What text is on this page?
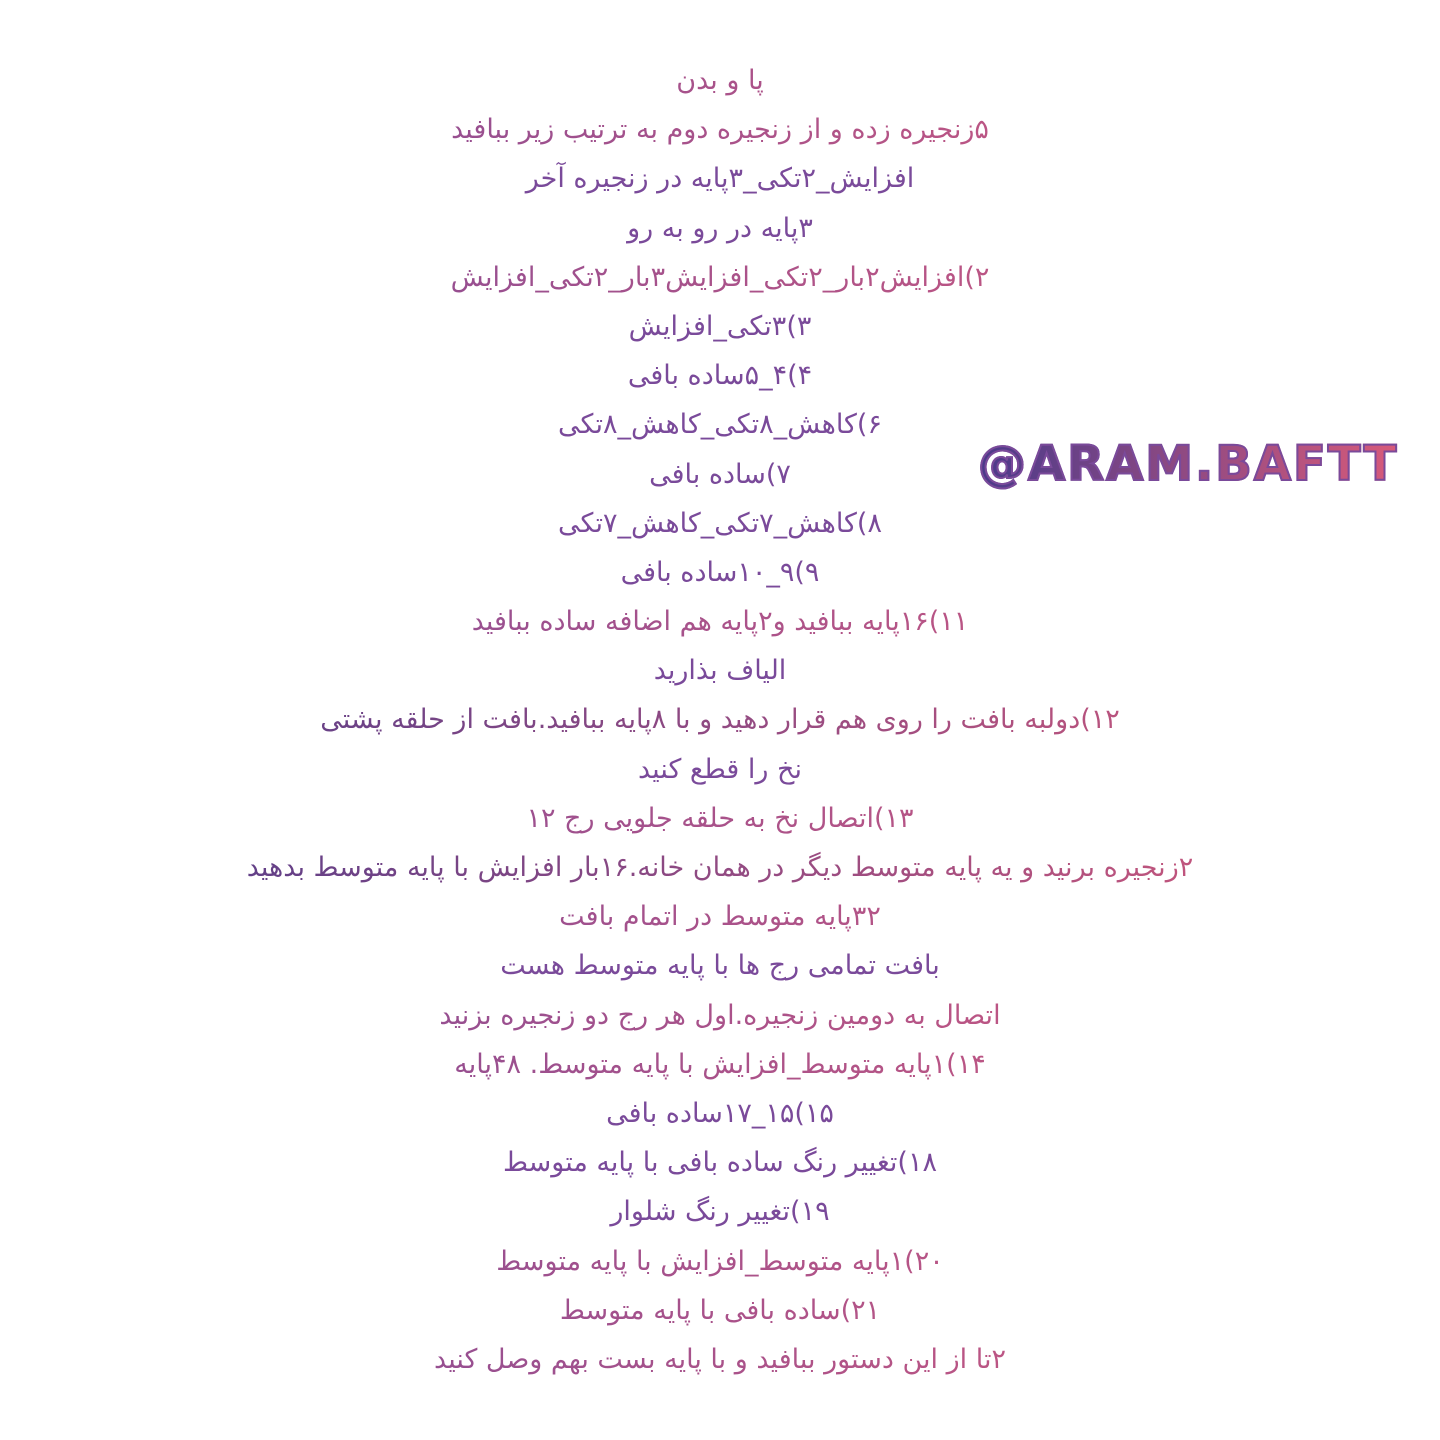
پا و بدن
۵زنجیره زده و از زنجیره دوم به ترتیب زیر ببافید
افزایش_۲تکی_۳پایه در زنجیره آخر
۳پایه در رو به رو
۲)افزایش۲بار_۲تکی_افزایش۳بار_۲تکی_افزایش
۳)۳تکی_افزایش
۴)۴_۵ساده بافی
۶)کاهش_۸تکی_کاهش_۸تکی
۷)ساده بافی
۸)کاهش_۷تکی_کاهش_۷تکی
۹)۹_۱۰ساده بافی
۱۱)۱۶پایه ببافید و۲پایه هم اضافه ساده ببافید
الیاف بذارید
۱۲)دولبه بافت را روی هم قرار دهید و با ۸پایه ببافید.بافت از حلقه پشتی
نخ را قطع کنید
۱۳)اتصال نخ به حلقه جلویی رج ۱۲
۲زنجیره برنید و یه پایه متوسط دیگر در همان خانه.۱۶بار افزایش با پایه متوسط بدهید
۳۲پایه متوسط در اتمام بافت
بافت تمامی رج ها با پایه متوسط هست
اتصال به دومین زنجیره.اول هر رج دو زنجیره بزنید
۱۴)۱پایه متوسط_افزایش با پایه متوسط. ۴۸پایه
۱۵)۱۵_۱۷ساده بافی
۱۸)تغییر رنگ ساده بافی با پایه متوسط
۱۹)تغییر رنگ شلوار
۲۰)۱پایه متوسط_افزایش با پایه متوسط
۲۱)ساده بافی با پایه متوسط
۲تا از این دستور ببافید و با پایه بست بهم وصل کنید
@ARAM.BAFTT
